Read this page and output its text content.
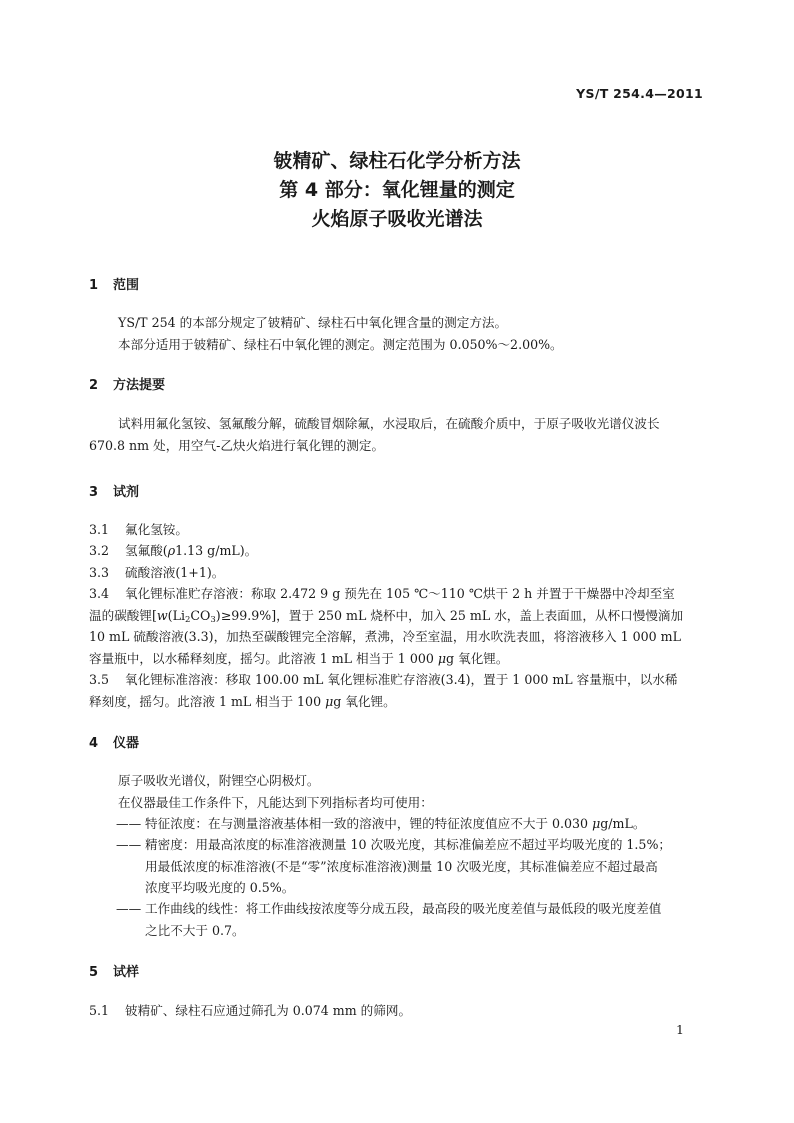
YS/T 254.4—2011
铍精矿、绿柱石化学分析方法
第 4 部分：氧化锂量的测定
火焰原子吸收光谱法
1 范围
YS/T 254 的本部分规定了铍精矿、绿柱石中氧化锂含量的测定方法。
本部分适用于铍精矿、绿柱石中氧化锂的测定。测定范围为 0.050%～2.00%。
2 方法提要
试料用氟化氢铵、氢氟酸分解，硫酸冒烟除氟，水浸取后，在硫酸介质中，于原子吸收光谱仪波长
670.8 nm 处，用空气-乙炔火焰进行氧化锂的测定。
3 试剂
3.1 氟化氢铵。
3.2 氢氟酸(ρ1.13 g/mL)。
3.3 硫酸溶液(1+1)。
3.4 氧化锂标准贮存溶液：称取 2.472 9 g 预先在 105 ℃～110 ℃烘干 2 h 并置于干燥器中冷却至室
温的碳酸锂$[w(Li_2CO_3)\ge 99.9\%]$，置于 250 mL 烧杯中，加入 25 mL 水，盖上表面皿，从杯口慢慢滴加
10 mL 硫酸溶液(3.3)，加热至碳酸锂完全溶解，煮沸，冷至室温，用水吹洗表皿，将溶液移入 1 000 mL
容量瓶中，以水稀释刻度，摇匀。此溶液 1 mL 相当于 1 000 μg 氧化锂。
3.5 氧化锂标准溶液：移取 100.00 mL 氧化锂标准贮存溶液(3.4)，置于 1 000 mL 容量瓶中，以水稀
释刻度，摇匀。此溶液 1 mL 相当于 100 μg 氧化锂。
4 仪器
原子吸收光谱仪，附锂空心阴极灯。
在仪器最佳工作条件下，凡能达到下列指标者均可使用：
—— 特征浓度：在与测量溶液基体相一致的溶液中，锂的特征浓度值应不大于 0.030 μg/mL。
—— 精密度：用最高浓度的标准溶液测量 10 次吸光度，其标准偏差应不超过平均吸光度的 1.5%；
用最低浓度的标准溶液(不是“零”浓度标准溶液)测量 10 次吸光度，其标准偏差应不超过最高
浓度平均吸光度的 0.5%。
—— 工作曲线的线性：将工作曲线按浓度等分成五段，最高段的吸光度差值与最低段的吸光度差值
之比不大于 0.7。
5 试样
5.1 铍精矿、绿柱石应通过筛孔为 0.074 mm 的筛网。
1
